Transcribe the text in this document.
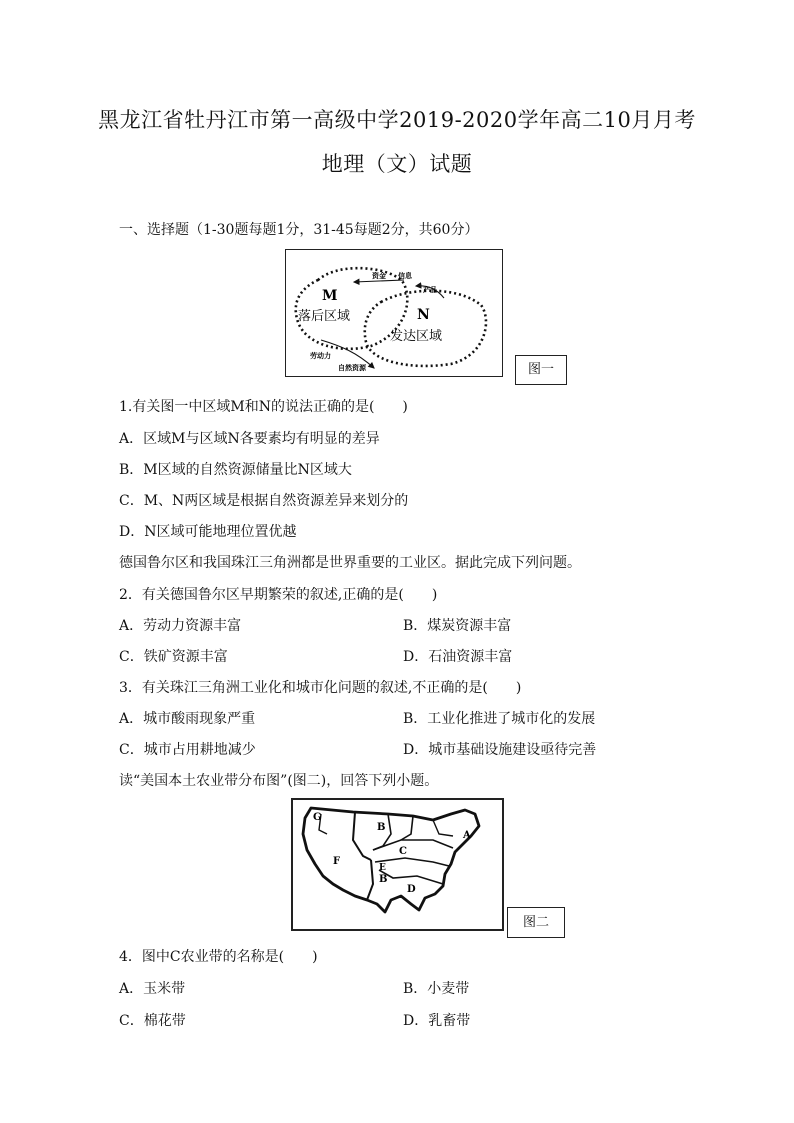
黑龙江省牡丹江市第一高级中学2019-2020学年高二10月月考
地理（文）试题
一、选择题（1-30题每题1分，31-45每题2分，共60分）
资金 信息
产品
M
落后区域	N
发达区域
劳动力
自然资源	图一
1.有关图一中区域M和N的说法正确的是(　　)
A．区域M与区域N各要素均有明显的差异
B．M区域的自然资源储量比N区域大
C．M、N两区域是根据自然资源差异来划分的
D．N区域可能地理位置优越
德国鲁尔区和我国珠江三角洲都是世界重要的工业区。据此完成下列问题。
2．有关德国鲁尔区早期繁荣的叙述,正确的是(　　)
A．劳动力资源丰富	B．煤炭资源丰富
C．铁矿资源丰富	D．石油资源丰富
3．有关珠江三角洲工业化和城市化问题的叙述,不正确的是(　　)
A．城市酸雨现象严重	B．工业化推进了城市化的发展
C．城市占用耕地减少	D．城市基础设施建设亟待完善
读“美国本土农业带分布图”(图二)，回答下列小题。
G
B
A
C
F
E
B
D
图二
4．图中C农业带的名称是(　　)
A．玉米带	B．小麦带
C．棉花带	D．乳畜带
